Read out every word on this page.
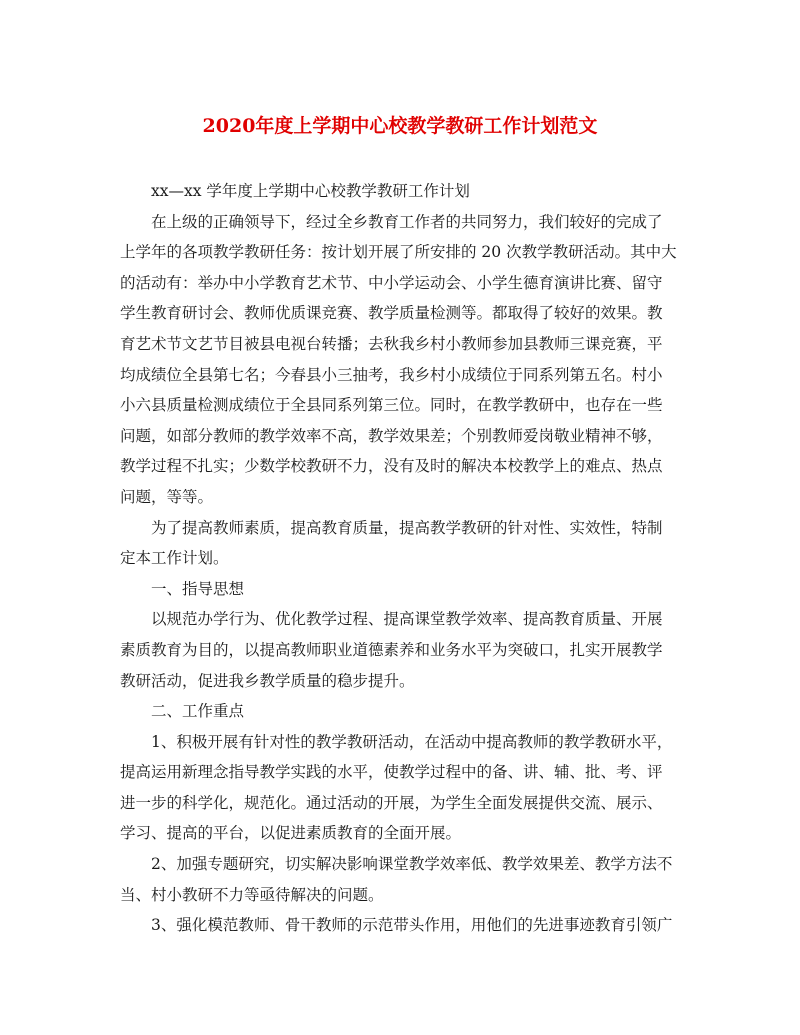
2020年度上学期中心校教学教研工作计划范文
xx—xx 学年度上学期中心校教学教研工作计划
在上级的正确领导下，经过全乡教育工作者的共同努力，我们较好的完成了
上学年的各项教学教研任务：按计划开展了所安排的 20 次教学教研活动。其中大
的活动有：举办中小学教育艺术节、中小学运动会、小学生德育演讲比赛、留守
学生教育研讨会、教师优质课竞赛、教学质量检测等。都取得了较好的效果。教
育艺术节文艺节目被县电视台转播；去秋我乡村小教师参加县教师三课竞赛，平
均成绩位全县第七名；今春县小三抽考，我乡村小成绩位于同系列第五名。村小
小六县质量检测成绩位于全县同系列第三位。同时，在教学教研中，也存在一些
问题，如部分教师的教学效率不高，教学效果差；个别教师爱岗敬业精神不够，
教学过程不扎实；少数学校教研不力，没有及时的解决本校教学上的难点、热点
问题，等等。
为了提高教师素质，提高教育质量，提高教学教研的针对性、实效性，特制
定本工作计划。
一、指导思想
以规范办学行为、优化教学过程、提高课堂教学效率、提高教育质量、开展
素质教育为目的，以提高教师职业道德素养和业务水平为突破口，扎实开展教学
教研活动，促进我乡教学质量的稳步提升。
二、工作重点
1、积极开展有针对性的教学教研活动，在活动中提高教师的教学教研水平，
提高运用新理念指导教学实践的水平，使教学过程中的备、讲、辅、批、考、评
进一步的科学化，规范化。通过活动的开展，为学生全面发展提供交流、展示、
学习、提高的平台，以促进素质教育的全面开展。
2、加强专题研究，切实解决影响课堂教学效率低、教学效果差、教学方法不
当、村小教研不力等亟待解决的问题。
3、强化模范教师、骨干教师的示范带头作用，用他们的先进事迹教育引领广
